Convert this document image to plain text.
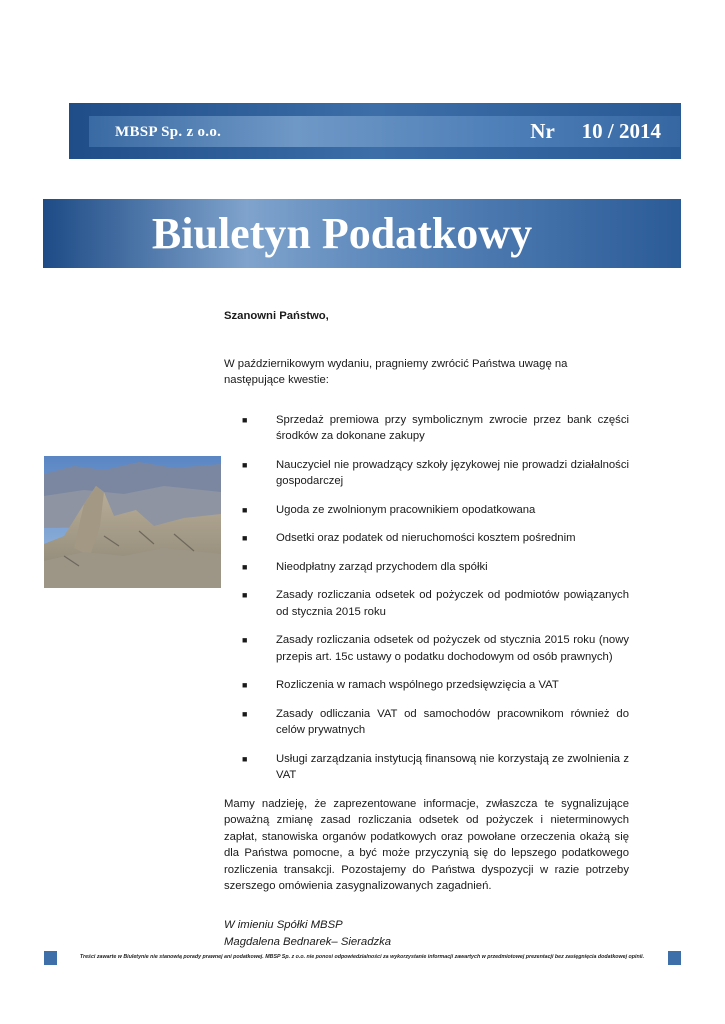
MBSP Sp. z o.o.	Nr 10 / 2014
Biuletyn Podatkowy

Szanowni Państwo,

W październikowym wydaniu, pragniemy zwrócić Państwa uwagę na następujące kwestie:

■	Sprzedaż premiowa przy symbolicznym zwrocie przez bank części środków za dokonane zakupy
■	Nauczyciel nie prowadzący szkoły językowej nie prowadzi działalności gospodarczej
■	Ugoda ze zwolnionym pracownikiem opodatkowana
■	Odsetki oraz podatek od nieruchomości kosztem pośrednim
■	Nieodpłatny zarząd przychodem dla spółki
■	Zasady rozliczania odsetek od pożyczek od podmiotów powiązanych od stycznia 2015 roku
■	Zasady rozliczania odsetek od pożyczek od stycznia 2015 roku (nowy przepis art. 15c ustawy o podatku dochodowym od osób prawnych)
■	Rozliczenia w ramach wspólnego przedsięwzięcia a VAT
■	Zasady odliczania VAT od samochodów pracownikom również do celów prywatnych
■	Usługi zarządzania instytucją finansową nie korzystają ze zwolnienia z VAT

Mamy nadzieję, że zaprezentowane informacje, zwłaszcza te sygnalizujące poważną zmianę zasad rozliczania odsetek od pożyczek i nieterminowych zapłat, stanowiska organów podatkowych oraz powołane orzeczenia okażą się dla Państwa pomocne, a być może przyczynią się do lepszego podatkowego rozliczenia transakcji. Pozostajemy do Państwa dyspozycji w razie potrzeby szerszego omówienia zasygnalizowanych zagadnień.

W imieniu Spółki MBSP
Magdalena Bednarek– Sieradzka
Treści zawarte w Biuletynie nie stanowią porady prawnej ani podatkowej. MBSP Sp. z o.o. nie ponosi odpowiedzialności za wykorzystanie informacji zawartych w przedmiotowej prezentacji bez zasięgnięcia dodatkowej opinii.
